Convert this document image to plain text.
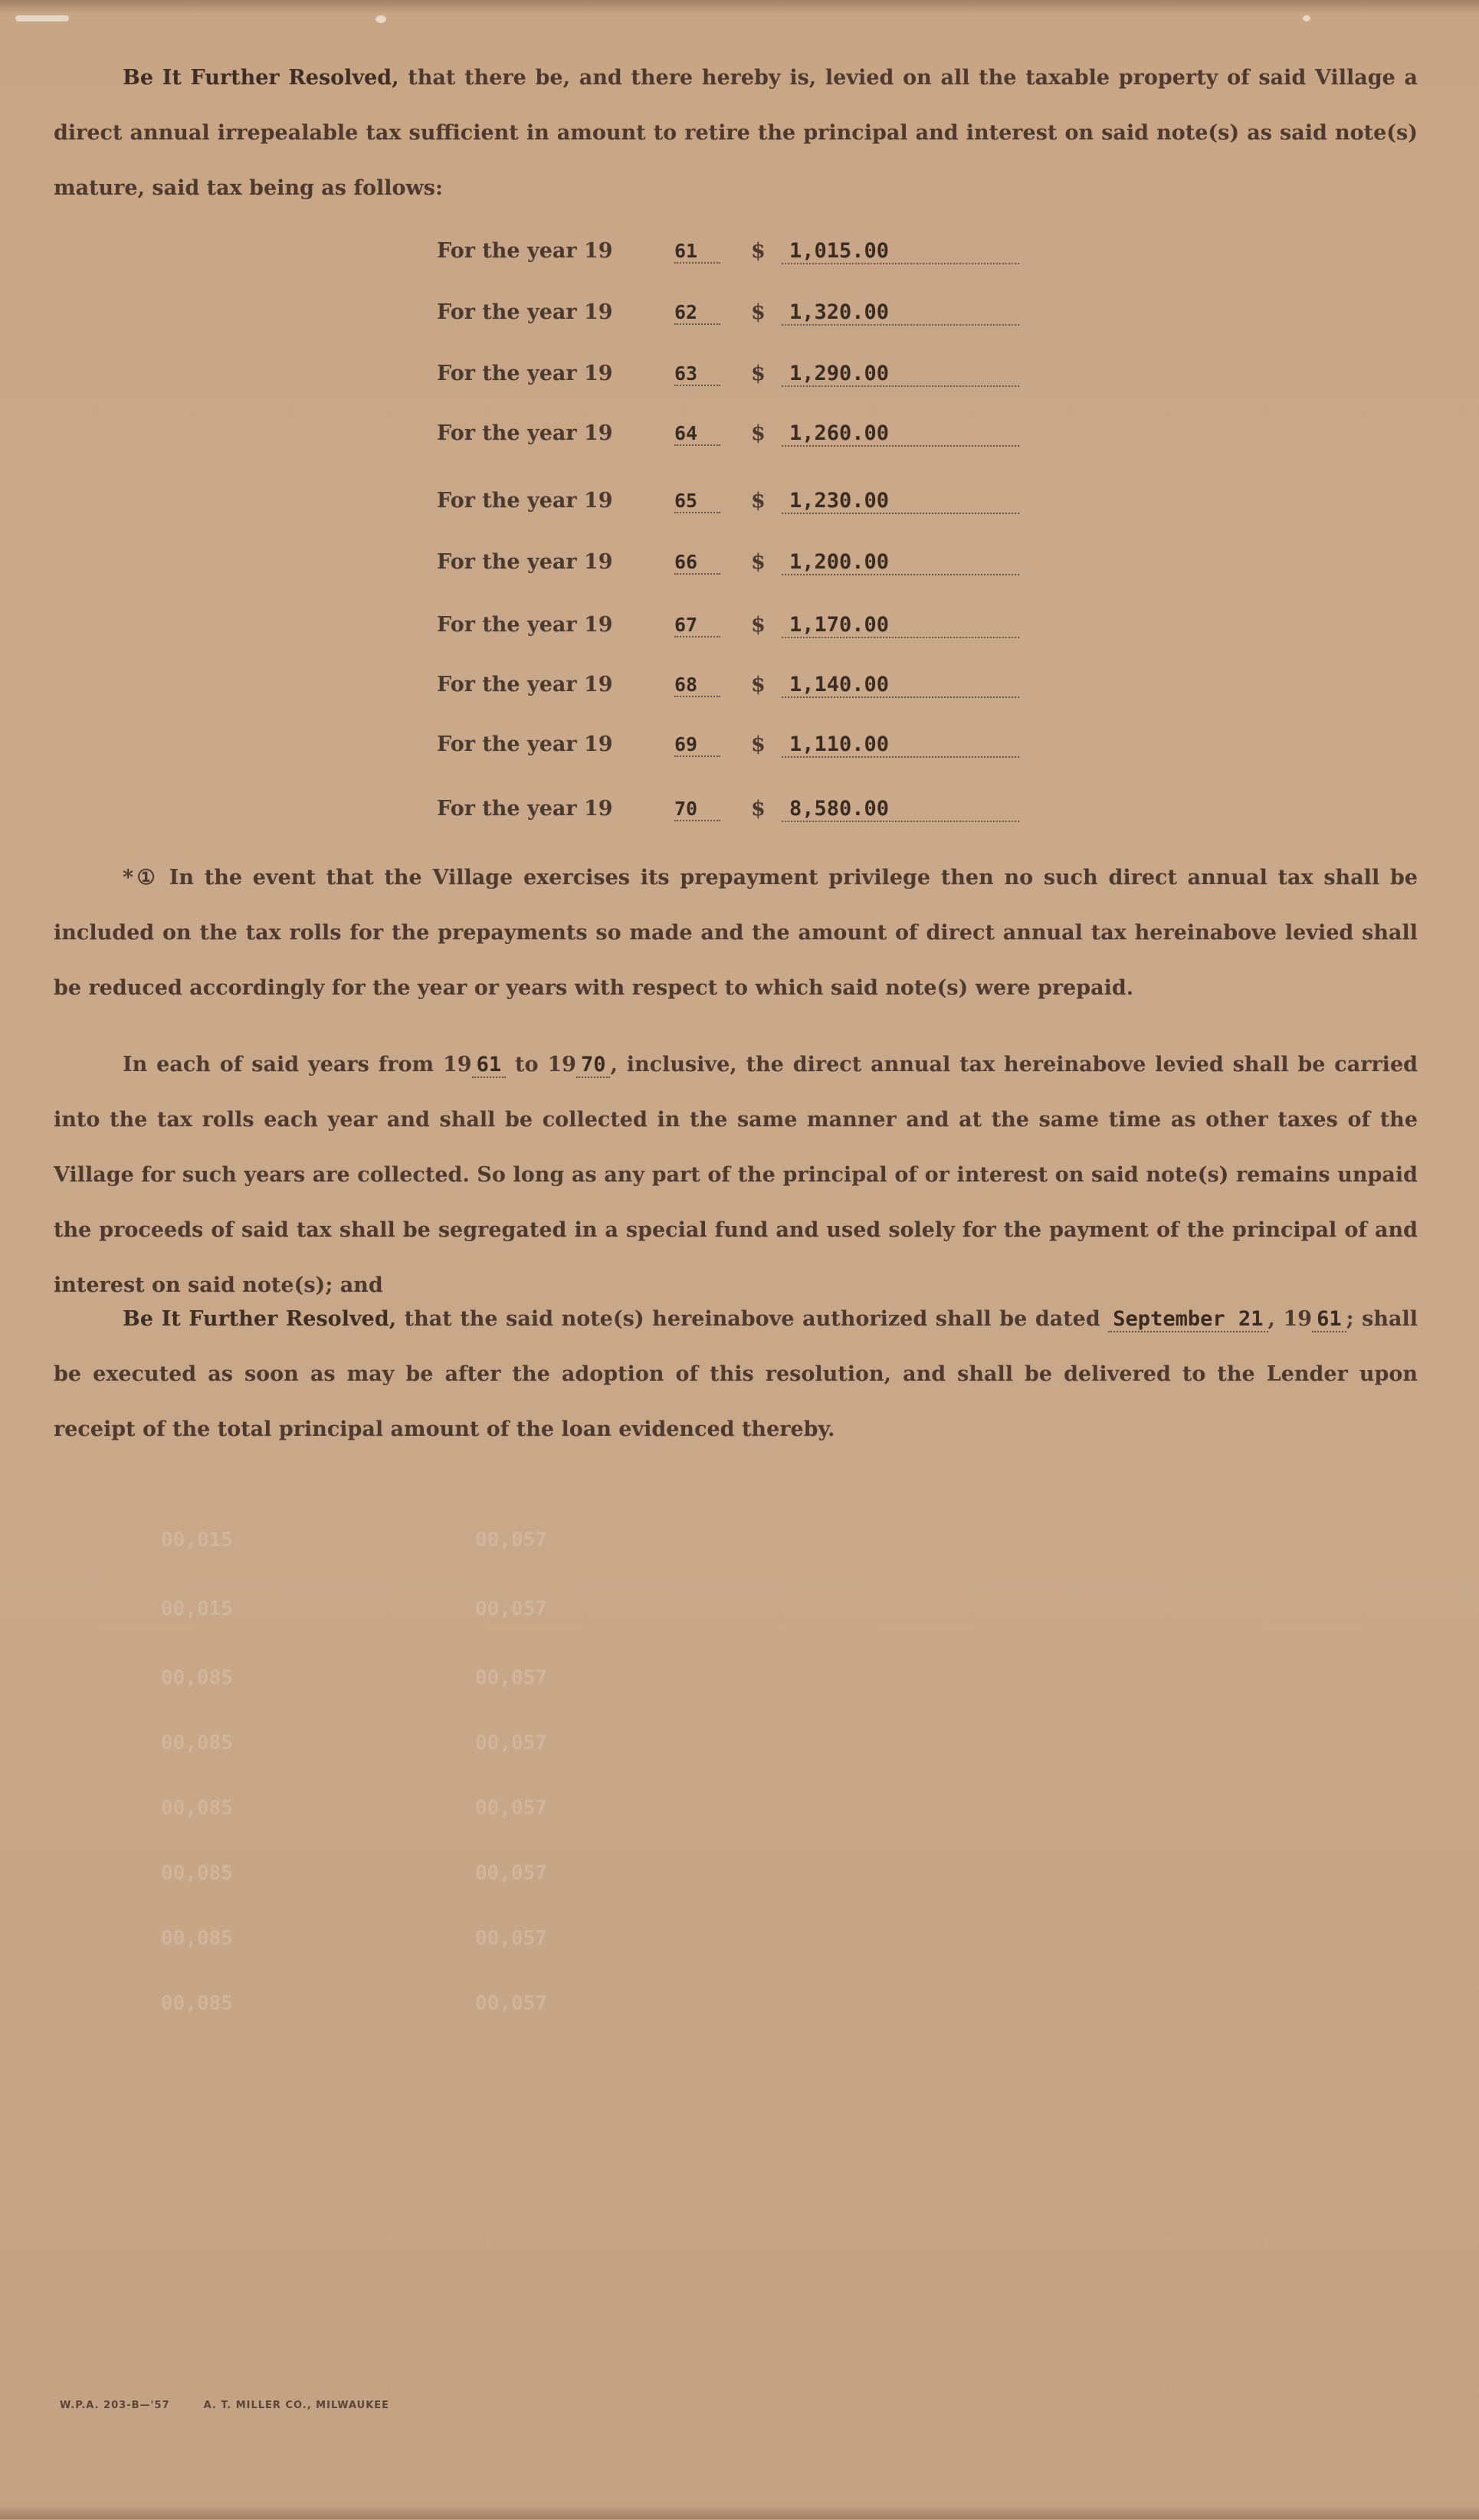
00,015	00,057
00,015	00,057
00,085	00,057
00,085	00,057
00,085	00,057
00,085	00,057
00,085	00,057
00,085	00,057
Be It Further Resolved, that there be, and there hereby is, levied on all the taxable property of said Village a direct annual irrepealable tax sufficient in amount to retire the principal and interest on said note(s) as said note(s) mature, said tax being as follows:
For the year 19	61	$ 1,015.00
For the year 19	62	$ 1,320.00
For the year 19	63	$ 1,290.00
For the year 19	64	$ 1,260.00
For the year 19	65	$ 1,230.00
For the year 19	66	$ 1,200.00
For the year 19	67	$ 1,170.00
For the year 19	68	$ 1,140.00
For the year 19	69	$ 1,110.00
For the year 19	70	$ 8,580.00
*① In the event that the Village exercises its prepayment privilege then no such direct annual tax shall be included on the tax rolls for the prepayments so made and the amount of direct annual tax hereinabove levied shall be reduced accordingly for the year or years with respect to which said note(s) were prepaid.
In each of said years from 19 61 to 19 70 , inclusive, the direct annual tax hereinabove levied shall be carried into the tax rolls each year and shall be collected in the same manner and at the same time as other taxes of the Village for such years are collected. So long as any part of the principal of or interest on said note(s) remains unpaid the proceeds of said tax shall be segregated in a special fund and used solely for the payment of the principal of and interest on said note(s); and
Be It Further Resolved, that the said note(s) hereinabove authorized shall be dated September 21 , 19 61 ; shall be executed as soon as may be after the adoption of this resolution, and shall be delivered to the Lender upon receipt of the total principal amount of the loan evidenced thereby.
W.P.A. 203-B—'57	A. T. MILLER CO., MILWAUKEE
